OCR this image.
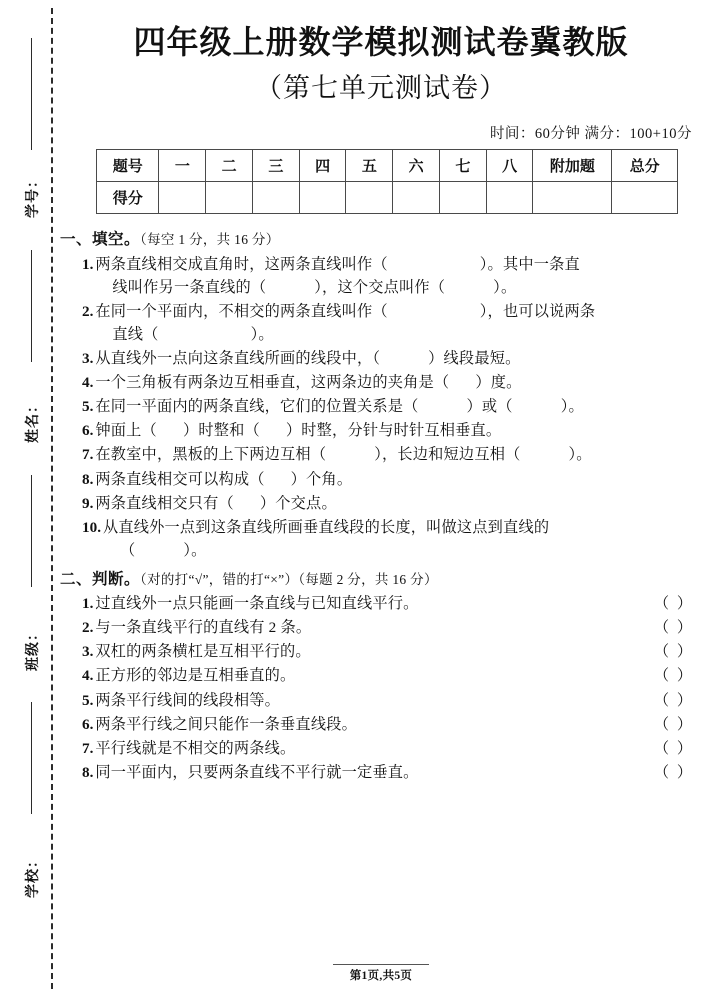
学号：
姓名：
班级：
学校：
四年级上册数学模拟测试卷冀教版
（第七单元测试卷）
时间：60分钟 满分：100+10分
题号	一	二	三	四	五	六	七	八	附加题	总分
得分										
一、填空。（每空 1 分，共 16 分）
1. 两条直线相交成直角时，这两条直线叫作（	）。其中一条直
线叫作另一条直线的（	），这个交点叫作（	）。
2. 在同一个平面内，不相交的两条直线叫作（	），也可以说两条
直线（	）。
3. 从直线外一点向这条直线所画的线段中，（	）线段最短。
4. 一个三角板有两条边互相垂直，这两条边的夹角是（ ）度。
5. 在同一平面内的两条直线，它们的位置关系是（	）或（	）。
6. 钟面上（ ）时整和（ ）时整，分针与时针互相垂直。
7. 在教室中，黑板的上下两边互相（	），长边和短边互相（	）。
8. 两条直线相交可以构成（ ）个角。
9. 两条直线相交只有（ ）个交点。
10. 从直线外一点到这条直线所画垂直线段的长度，叫做这点到直线的
（	）。
二、判断。（对的打“√”，错的打“×”）（每题 2 分，共 16 分）
1. 过直线外一点只能画一条直线与已知直线平行。	（ ）
2. 与一条直线平行的直线有 2 条。	（ ）
3. 双杠的两条横杠是互相平行的。	（ ）
4. 正方形的邻边是互相垂直的。	（ ）
5. 两条平行线间的线段相等。	（ ）
6. 两条平行线之间只能作一条垂直线段。	（ ）
7. 平行线就是不相交的两条线。	（ ）
8. 同一平面内，只要两条直线不平行就一定垂直。	（ ）
第1页,共5页
